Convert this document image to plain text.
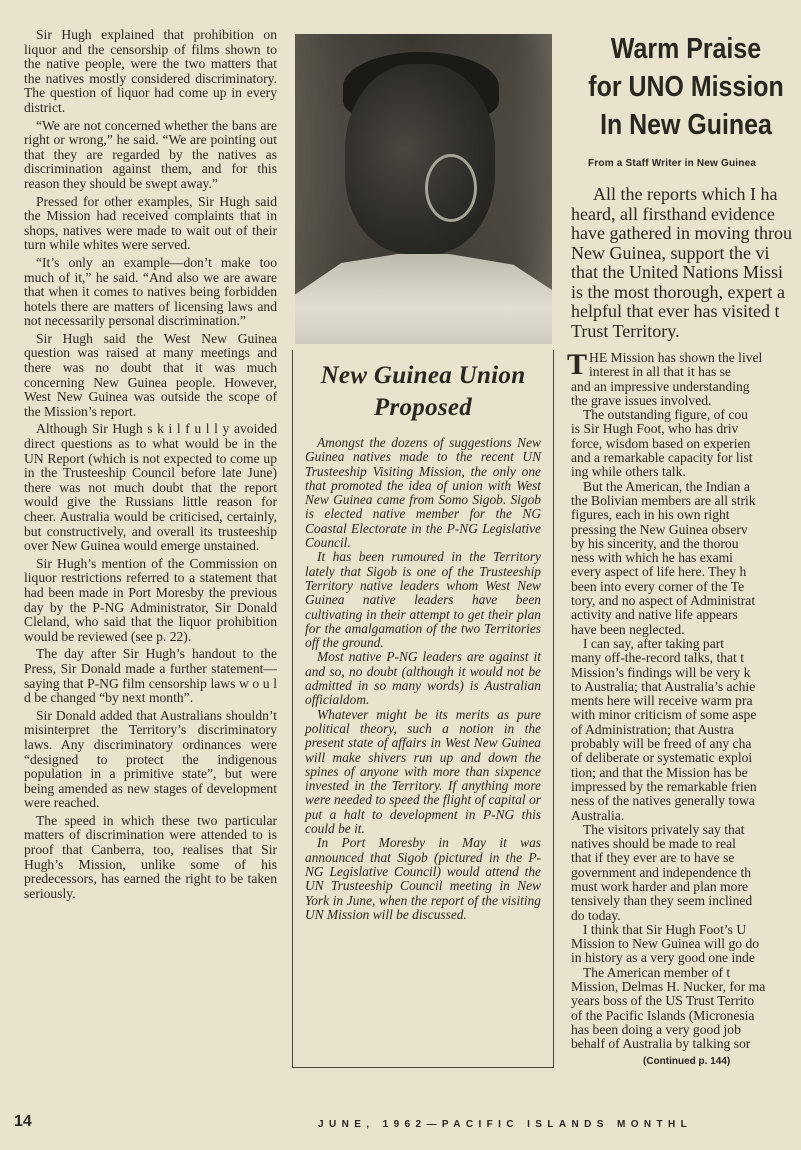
Sir Hugh explained that prohibition on liquor and the censorship of films shown to the native people, were the two matters that the natives mostly considered discriminatory. The question of liquor had come up in every district.

“We are not concerned whether the bans are right or wrong,” he said. “We are pointing out that they are regarded by the natives as discrimination against them, and for this reason they should be swept away.”

Pressed for other examples, Sir Hugh said the Mission had received complaints that in shops, natives were made to wait out of their turn while whites were served.

“It’s only an example—don’t make too much of it,” he said. “And also we are aware that when it comes to natives being forbidden hotels there are matters of licensing laws and not necessarily personal discrimination.”

Sir Hugh said the West New Guinea question was raised at many meetings and there was no doubt that it was much concerning New Guinea people. However, West New Guinea was outside the scope of the Mission’s report.

Although Sir Hugh s k i l f u l l y avoided direct questions as to what would be in the UN Report (which is not expected to come up in the Trusteeship Council before late June) there was not much doubt that the report would give the Russians little reason for cheer. Australia would be criticised, certainly, but constructively, and overall its trusteeship over New Guinea would emerge unstained.

Sir Hugh’s mention of the Commission on liquor restrictions referred to a statement that had been made in Port Moresby the previous day by the P-NG Administrator, Sir Donald Cleland, who said that the liquor prohibition would be reviewed (see p. 22).

The day after Sir Hugh’s handout to the Press, Sir Donald made a further statement—saying that P-NG film censorship laws w o u l d be changed “by next month”.

Sir Donald added that Australians shouldn’t misinterpret the Territory’s discriminatory laws. Any discriminatory ordinances were “designed to protect the indigenous population in a primitive state”, but were being amended as new stages of development were reached.

The speed in which these two particular matters of discrimination were attended to is proof that Canberra, too, realises that Sir Hugh’s Mission, unlike some of his predecessors, has earned the right to be taken seriously.

New Guinea Union Proposed

Amongst the dozens of suggestions New Guinea natives made to the recent UN Trusteeship Visiting Mission, the only one that promoted the idea of union with West New Guinea came from Somo Sigob. Sigob is elected native member for the NG Coastal Electorate in the P-NG Legislative Council.

It has been rumoured in the Territory lately that Sigob is one of the Trusteeship Territory native leaders whom West New Guinea native leaders have been cultivating in their attempt to get their plan for the amalgamation of the two Territories off the ground.

Most native P-NG leaders are against it and so, no doubt (although it would not be admitted in so many words) is Australian officialdom.

Whatever might be its merits as pure political theory, such a notion in the present state of affairs in West New Guinea will make shivers run up and down the spines of anyone with more than sixpence invested in the Territory. If anything more were needed to speed the flight of capital or put a halt to development in P-NG this could be it.

In Port Moresby in May it was announced that Sigob (pictured in the P-NG Legislative Council) would attend the UN Trusteeship Council meeting in New York in June, when the report of the visiting UN Mission will be discussed.

Warm Praise
for UNO Mission
In New Guinea
From a Staff Writer in New Guinea
All the reports which I ha
heard, all firsthand evidence
have gathered in moving throu
New Guinea, support the vi
that the United Nations Missi
is the most thorough, expert a
helpful that ever has visited t
Trust Territory.
T HE Mission has shown the livel
interest in all that it has se
and an impressive understanding
the grave issues involved.
The outstanding figure, of cou
is Sir Hugh Foot, who has driv
force, wisdom based on experien
and a remarkable capacity for list
ing while others talk.
But the American, the Indian a
the Bolivian members are all strik
figures, each in his own right
pressing the New Guinea observ
by his sincerity, and the thorou
ness with which he has exami
every aspect of life here. They h
been into every corner of the Te
tory, and no aspect of Administrat
activity and native life appears
have been neglected.
I can say, after taking part
many off-the-record talks, that t
Mission’s findings will be very k
to Australia; that Australia’s achie
ments here will receive warm pra
with minor criticism of some aspe
of Administration; that Austra
probably will be freed of any cha
of deliberate or systematic exploi
tion; and that the Mission has be
impressed by the remarkable frien
ness of the natives generally towa
Australia.
The visitors privately say that
natives should be made to real
that if they ever are to have se
government and independence th
must work harder and plan more
tensively than they seem inclined
do today.
I think that Sir Hugh Foot’s U
Mission to New Guinea will go do
in history as a very good one inde
The American member of t
Mission, Delmas H. Nucker, for ma
years boss of the US Trust Territo
of the Pacific Islands (Micronesia
has been doing a very good job
behalf of Australia by talking sor
(Continued p. 144)
14	JUNE, 1962—PACIFIC ISLANDS MONTHL
